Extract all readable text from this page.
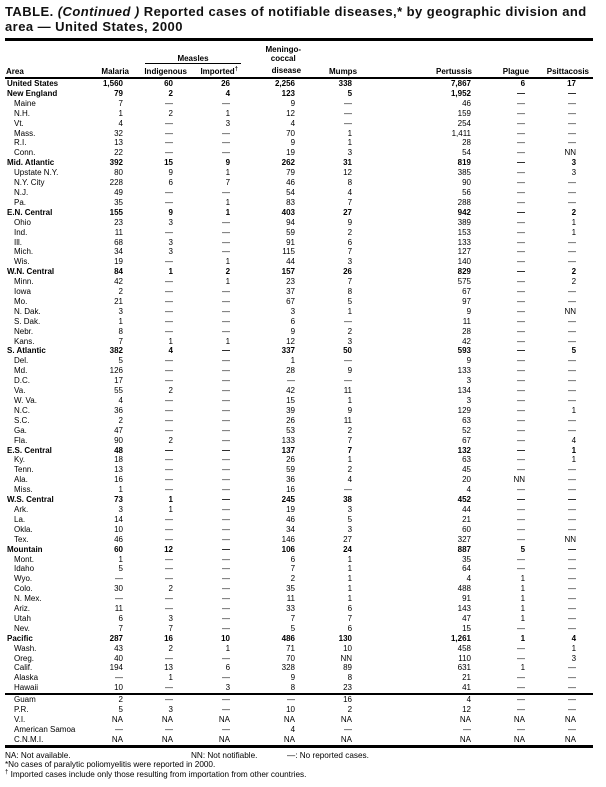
TABLE. (Continued ) Reported cases of notifiable diseases,* by geographic division and area — United States, 2000

		Measles		Meningo-
coccal				
Area	Malaria	Indigenous	Imported†	disease	Mumps	Pertussis	Plague	Psittacosis
United States	1,560	60	26	2,256	338	7,867	6	17
New England	79	2	4	123	5	1,952	—	—
Maine	7	—	—	9	—	46	—	—
N.H.	1	2	1	12	—	159	—	—
Vt.	4	—	3	4	—	254	—	—
Mass.	32	—	—	70	1	1,411	—	—
R.I.	13	—	—	9	1	28	—	—
Conn.	22	—	—	19	3	54	—	NN
Mid. Atlantic	392	15	9	262	31	819	—	3
Upstate N.Y.	80	9	1	79	12	385	—	3
N.Y. City	228	6	7	46	8	90	—	—
N.J.	49	—	—	54	4	56	—	—
Pa.	35	—	1	83	7	288	—	—
E.N. Central	155	9	1	403	27	942	—	2
Ohio	23	3	—	94	9	389	—	1
Ind.	11	—	—	59	2	153	—	1
Ill.	68	3	—	91	6	133	—	—
Mich.	34	3	—	115	7	127	—	—
Wis.	19	—	1	44	3	140	—	—
W.N. Central	84	1	2	157	26	829	—	2
Minn.	42	—	1	23	7	575	—	2
Iowa	2	—	—	37	8	67	—	—
Mo.	21	—	—	67	5	97	—	—
N. Dak.	3	—	—	3	1	9	—	NN
S. Dak.	1	—	—	6	—	11	—	—
Nebr.	8	—	—	9	2	28	—	—
Kans.	7	1	1	12	3	42	—	—
S. Atlantic	382	4	—	337	50	593	—	5
Del.	5	—	—	1	—	9	—	—
Md.	126	—	—	28	9	133	—	—
D.C.	17	—	—	—	—	3	—	—
Va.	55	2	—	42	11	134	—	—
W. Va.	4	—	—	15	1	3	—	—
N.C.	36	—	—	39	9	129	—	1
S.C.	2	—	—	26	11	63	—	—
Ga.	47	—	—	53	2	52	—	—
Fla.	90	2	—	133	7	67	—	4
E.S. Central	48	—	—	137	7	132	—	1
Ky.	18	—	—	26	1	63	—	1
Tenn.	13	—	—	59	2	45	—	—
Ala.	16	—	—	36	4	20	NN	—
Miss.	1	—	—	16	—	4	—	—
W.S. Central	73	1	—	245	38	452	—	—
Ark.	3	1	—	19	3	44	—	—
La.	14	—	—	46	5	21	—	—
Okla.	10	—	—	34	3	60	—	—
Tex.	46	—	—	146	27	327	—	NN
Mountain	60	12	—	106	24	887	5	—
Mont.	1	—	—	6	1	35	—	—
Idaho	5	—	—	7	1	64	—	—
Wyo.	—	—	—	2	1	4	1	—
Colo.	30	2	—	35	1	488	1	—
N. Mex.	—	—	—	11	1	91	1	—
Ariz.	11	—	—	33	6	143	1	—
Utah	6	3	—	7	7	47	1	—
Nev.	7	7	—	5	6	15	—	—
Pacific	287	16	10	486	130	1,261	1	4
Wash.	43	2	1	71	10	458	—	1
Oreg.	40	—	—	70	NN	110	—	3
Calif.	194	13	6	328	89	631	1	—
Alaska	—	1	—	9	8	21	—	—
Hawaii	10	—	3	8	23	41	—	—
Guam	2	—	—	—	16	4	—	—
P.R.	5	3	—	10	2	12	—	—
V.I.	NA	NA	NA	NA	NA	NA	NA	NA
American Samoa	—	—	—	4	—	—	—	—
C.N.M.I.	NA	NA	NA	NA	NA	NA	NA	NA
NA: Not available.	NN: Not notifiable.	—: No reported cases.
*No cases of paralytic poliomyelitis were reported in 2000.
† Imported cases include only those resulting from importation from other countries.
